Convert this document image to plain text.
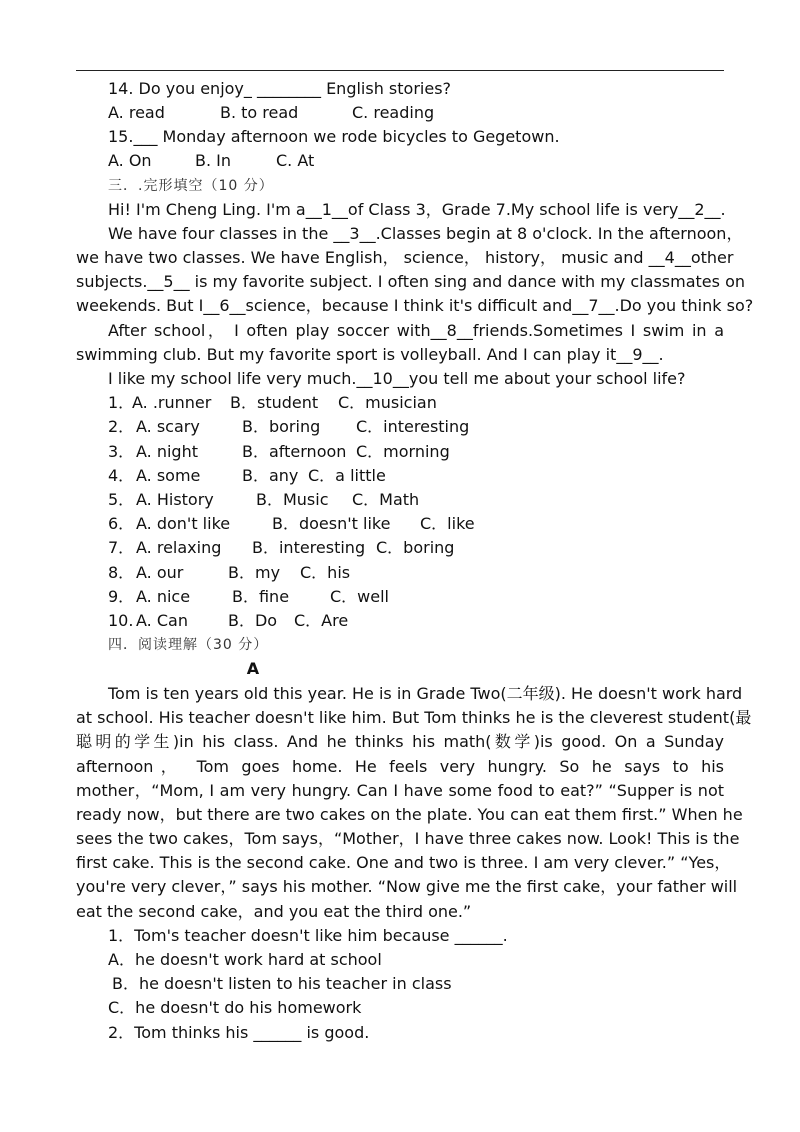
14. Do you enjoy_ ________ English stories?
A. read	B. to read	C. reading
15.___ Monday afternoon we rode bicycles to Gegetown.
A. On	B. In	C. At
三．.完形填空（10 分）
Hi! I'm Cheng Ling. I'm a__1__of Class 3，Grade 7.My school life is very__2__.
We have four classes in the __3__.Classes begin at 8 o'clock. In the afternoon，
we have two classes. We have English， science， history， music and __4__other
subjects.__5__ is my favorite subject. I often sing and dance with my classmates on
weekends. But I__6__science，because I think it's difficult and__7__.Do you think so?
After school， I often play soccer with__8__friends.Sometimes I swim in a
swimming club. But my favorite sport is volleyball. And I can play it__9__.
I like my school life very much.__10__you tell me about your school life?
1．
A. .runner B．student C．musician
2． A. scary	B．boring C．interesting
3． A. night	B．afternoon C．morning
4． A. some	B．any C．a little
5． A. History	B．Music C．Math
6． A. don't like	B．doesn't like C．like
7． A. relaxing B．interesting C．boring
8． A. our	B．my C．his
9． A. nice	B．fine	C．well
10. A. Can	B．Do C．Are
四．阅读理解（30 分）
A
Tom is ten years old this year. He is in Grade Two(二年级). He doesn't work hard
at school. His teacher doesn't like him. But Tom thinks he is the cleverest student(最
聪明的学生)in his class. And he thinks his math(数学)is good. On a Sunday
afternoon， Tom goes home. He feels very hungry. So he says to his
mother，“Mom, I am very hungry. Can I have some food to eat?” “Supper is not
ready now，but there are two cakes on the plate. You can eat them first.” When he
sees the two cakes，Tom says，“Mother，I have three cakes now. Look! This is the
first cake. This is the second cake. One and two is three. I am very clever.” “Yes，
you're very clever，” says his mother. “Now give me the first cake，your father will
eat the second cake，and you eat the third one.”
1．Tom's teacher doesn't like him because ______.
A．he doesn't work hard at school
B．he doesn't listen to his teacher in class
C．he doesn't do his homework
2．Tom thinks his ______ is good.
